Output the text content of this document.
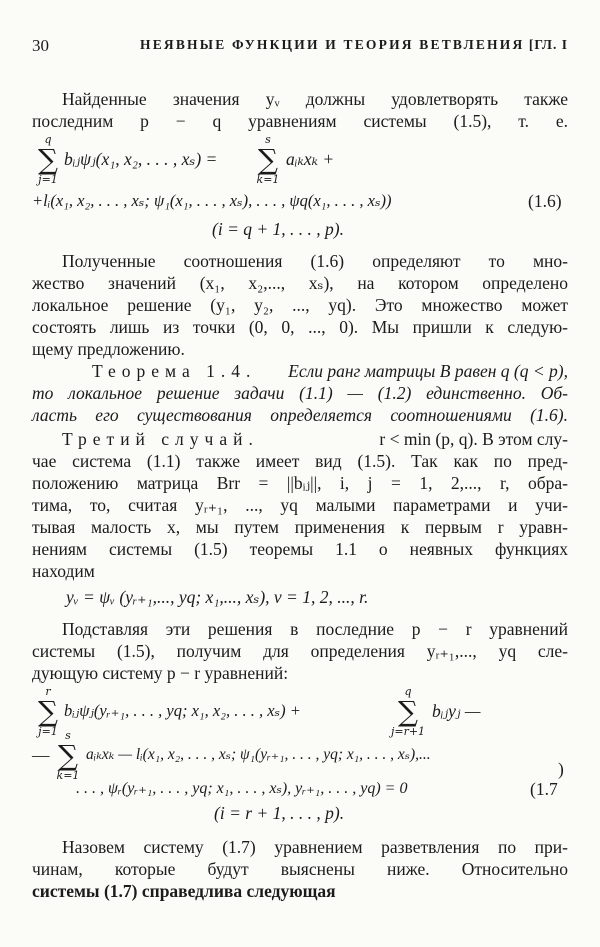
30	НЕЯВНЫЕ ФУНКЦИИ И ТЕОРИЯ ВЕТВЛЕНИЯ [ГЛ. I
Найденные значения yᵥ должны удовлетворять также
последним p − q уравнениям системы (1.5), т. е.
q
∑
j=1
bᵢⱼψⱼ(x₁, x₂, . . . , xₛ) =
s
∑
k=1
aᵢₖxₖ +
+lᵢ(x₁, x₂, . . . , xₛ; ψ₁(x₁, . . . , xₛ), . . . , ψq(x₁, . . . , xₛ))	(1.6)
(i = q + 1, . . . , p).
Полученные соотношения (1.6) определяют то мно-
жество значений (x₁, x₂,..., xₛ), на котором определено
локальное решение (y₁, y₂, ..., yq). Это множество может
состоять лишь из точки (0, 0, ..., 0). Мы пришли к следую-
щему предложению.
Теорема 1.4.	Если ранг матрицы B равен q (q < p),
то локальное решение задачи (1.1) — (1.2) единственно. Об-
ласть его существования определяется соотношениями (1.6).
Третий случай.	r < min (p, q). В этом слу-
чае система (1.1) также имеет вид (1.5). Так как по пред-
положению матрица Brr = ||bᵢⱼ||, i, j = 1, 2,..., r, обра-
тима, то, считая yᵣ₊₁, ..., yq малыми параметрами и учи-
тывая малость x, мы путем применения к первым r уравн-
нениям системы (1.5) теоремы 1.1 о неявных функциях
находим
yᵥ = ψᵥ (yᵣ₊₁,..., yq; x₁,..., xₛ), ν = 1, 2, ..., r.
Подставляя эти решения в последние p − r уравнений
системы (1.5), получим для определения yᵣ₊₁,..., yq сле-
дующую систему p − r уравнений:
r
∑
j=1
bᵢⱼψⱼ(yᵣ₊₁, . . . , yq; x₁, x₂, . . . , xₛ) +
q
∑
j=r+1
bᵢⱼyⱼ —
—
s
∑
k=1
aᵢₖxₖ — lᵢ(x₁, x₂, . . . , xₛ; ψ₁(yᵣ₊₁, . . . , yq; x₁, . . . , xₛ),...
)
. . . , ψᵣ(yᵣ₊₁, . . . , yq; x₁, . . . , xₛ), yᵣ₊₁, . . . , yq) = 0	(1.7
(i = r + 1, . . . , p).
Назовем систему (1.7) уравнением разветвления по при-
чинам, которые будут выяснены ниже. Относительно
системы (1.7) справедлива следующая
